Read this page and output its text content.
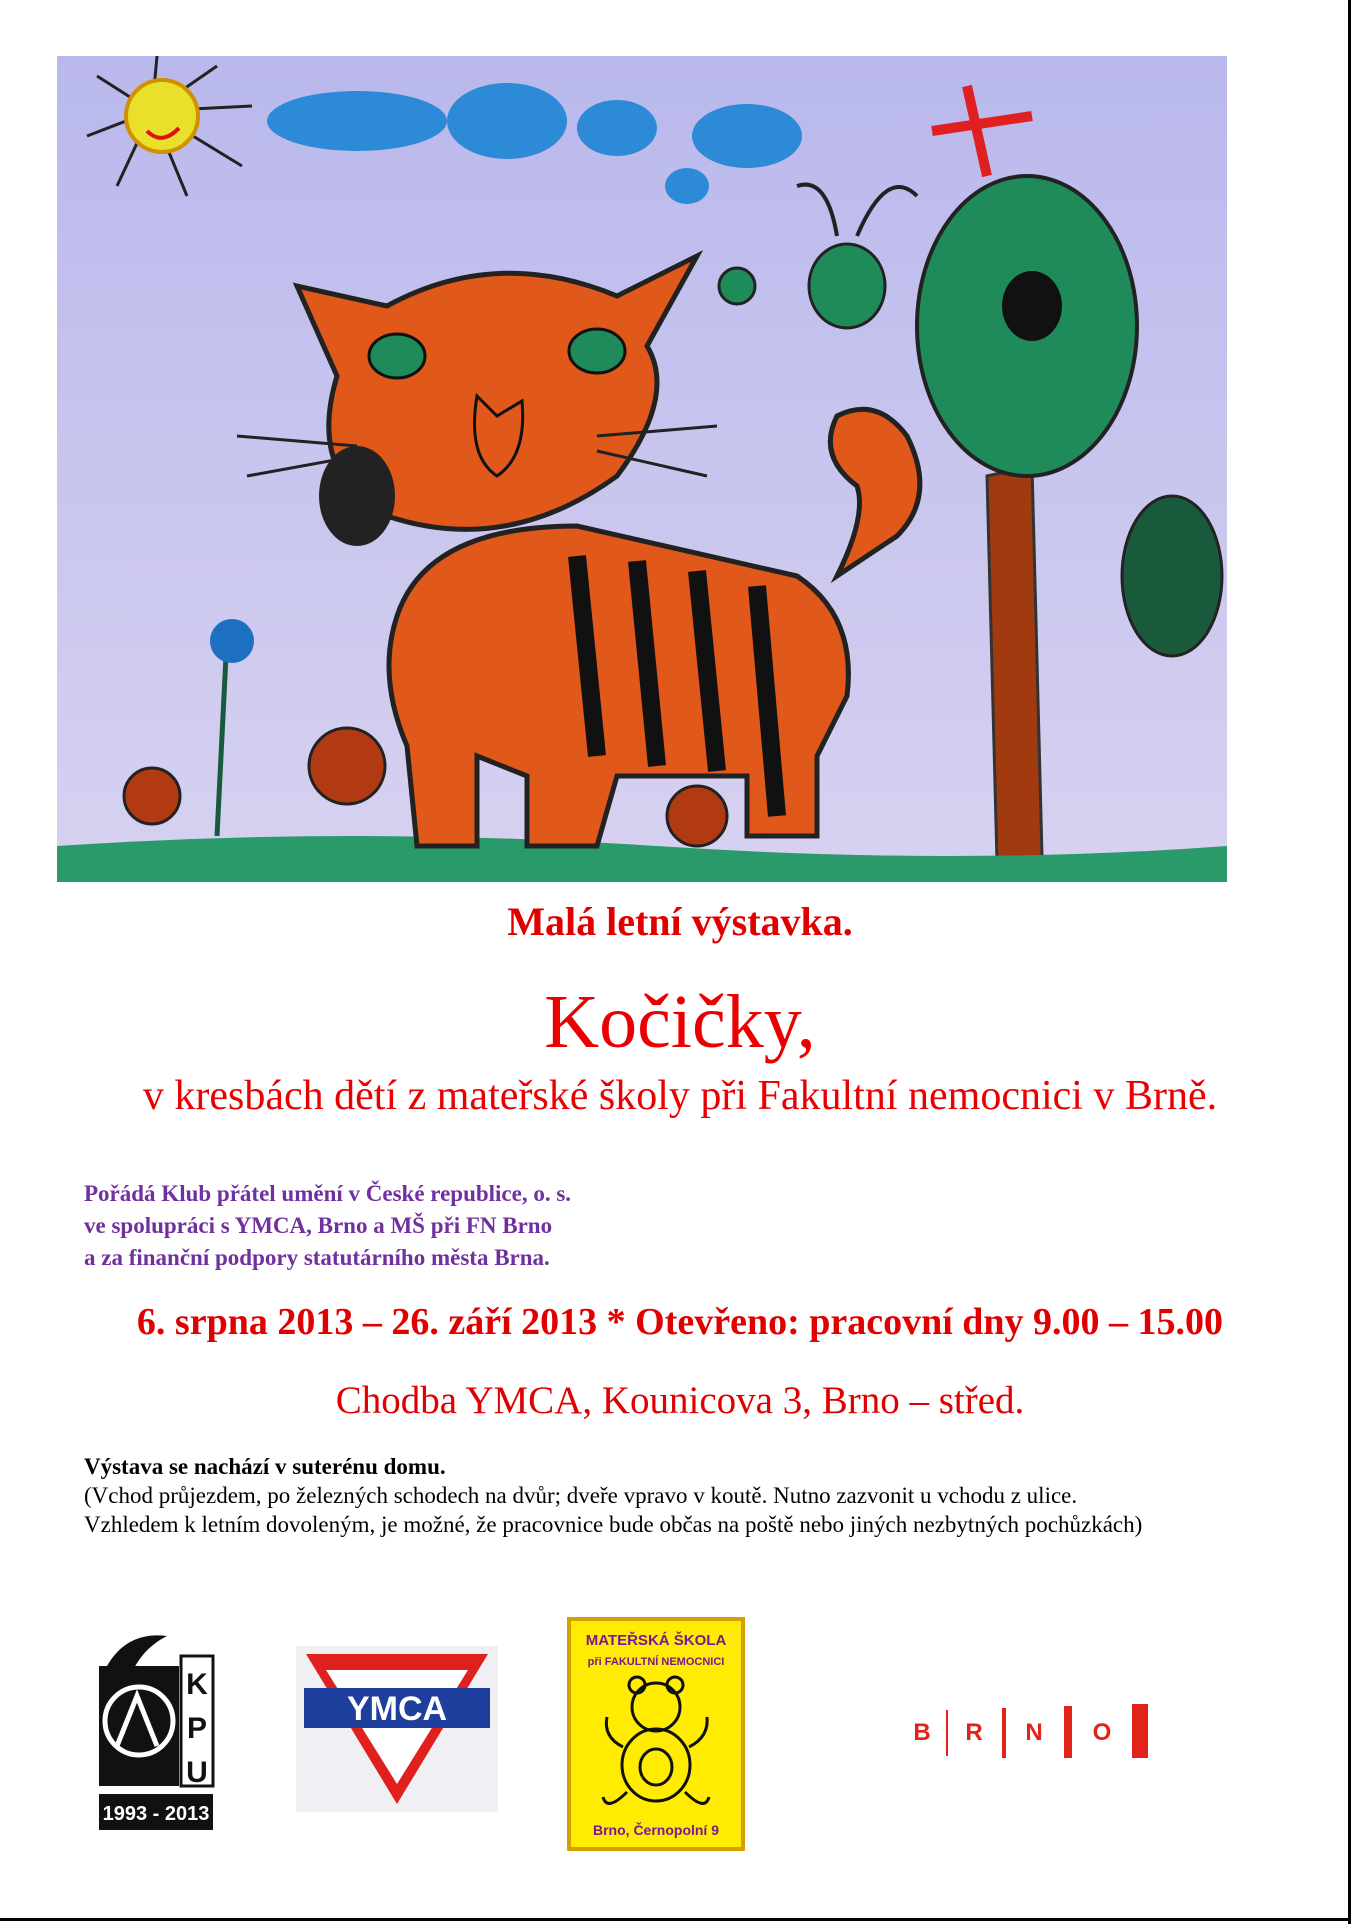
Malá letní výstavka.
Kočičky,
v kresbách dětí z mateřské školy při Fakultní nemocnici v Brně.
Pořádá Klub přátel umění v České republice, o. s.
ve spolupráci s YMCA, Brno a MŠ při FN Brno
a za finanční podpory statutárního města Brna.
6. srpna 2013 – 26. září 2013 * Otevřeno: pracovní dny 9.00 – 15.00
Chodba YMCA, Kounicova 3, Brno – střed.
Výstava se nachází v suterénu domu.
(Vchod průjezdem, po železných schodech na dvůr; dveře vpravo v koutě. Nutno zazvonit u vchodu z ulice.
Vzhledem k letním dovoleným, je možné, že pracovnice bude občas na poště nebo jiných nezbytných pochůzkách)
K
P
U
1993 - 2013
YMCA
MATEŘSKÁ ŠKOLA
při FAKULTNÍ NEMOCNICI
Brno, Černopolní 9
B R N O
